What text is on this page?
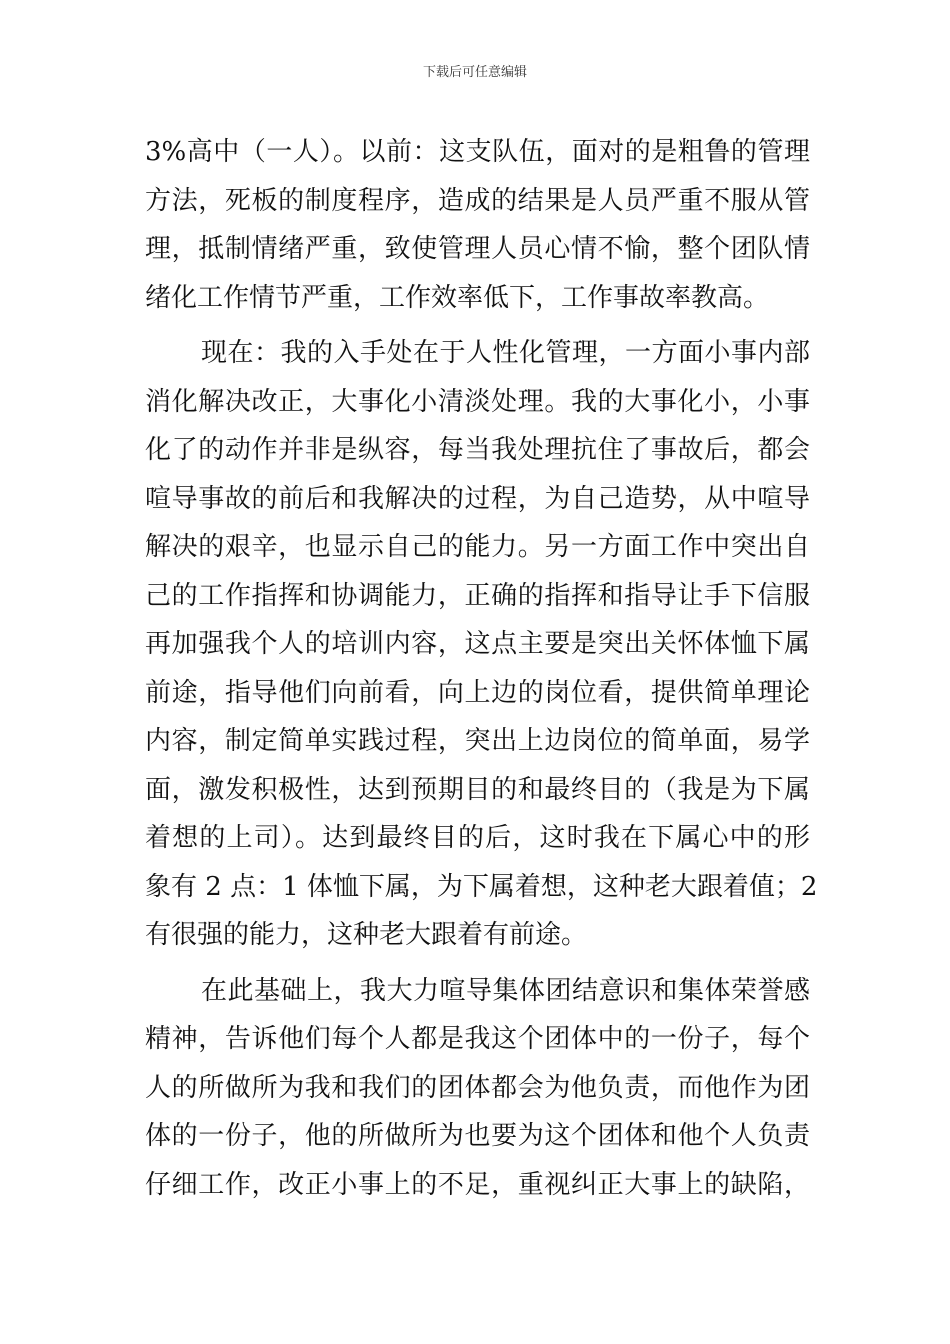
下载后可任意编辑
3%高中（一人）。以前：这支队伍，面对的是粗鲁的管理
方法，死板的制度程序，造成的结果是人员严重不服从管
理，抵制情绪严重，致使管理人员心情不愉，整个团队情
绪化工作情节严重，工作效率低下，工作事故率教高。
现在：我的入手处在于人性化管理，一方面小事内部
消化解决改正，大事化小清淡处理。我的大事化小，小事
化了的动作并非是纵容，每当我处理抗住了事故后，都会
喧导事故的前后和我解决的过程，为自己造势，从中喧导
解决的艰辛，也显示自己的能力。另一方面工作中突出自
己的工作指挥和协调能力，正确的指挥和指导让手下信服
再加强我个人的培训内容，这点主要是突出关怀体恤下属
前途，指导他们向前看，向上边的岗位看，提供简单理论
内容，制定简单实践过程，突出上边岗位的简单面，易学
面，激发积极性，达到预期目的和最终目的（我是为下属
着想的上司）。达到最终目的后，这时我在下属心中的形
象有 2 点：1 体恤下属，为下属着想，这种老大跟着值；2
有很强的能力，这种老大跟着有前途。
在此基础上，我大力喧导集体团结意识和集体荣誉感
精神，告诉他们每个人都是我这个团体中的一份子，每个
人的所做所为我和我们的团体都会为他负责，而他作为团
体的一份子，他的所做所为也要为这个团体和他个人负责
仔细工作，改正小事上的不足，重视纠正大事上的缺陷，
